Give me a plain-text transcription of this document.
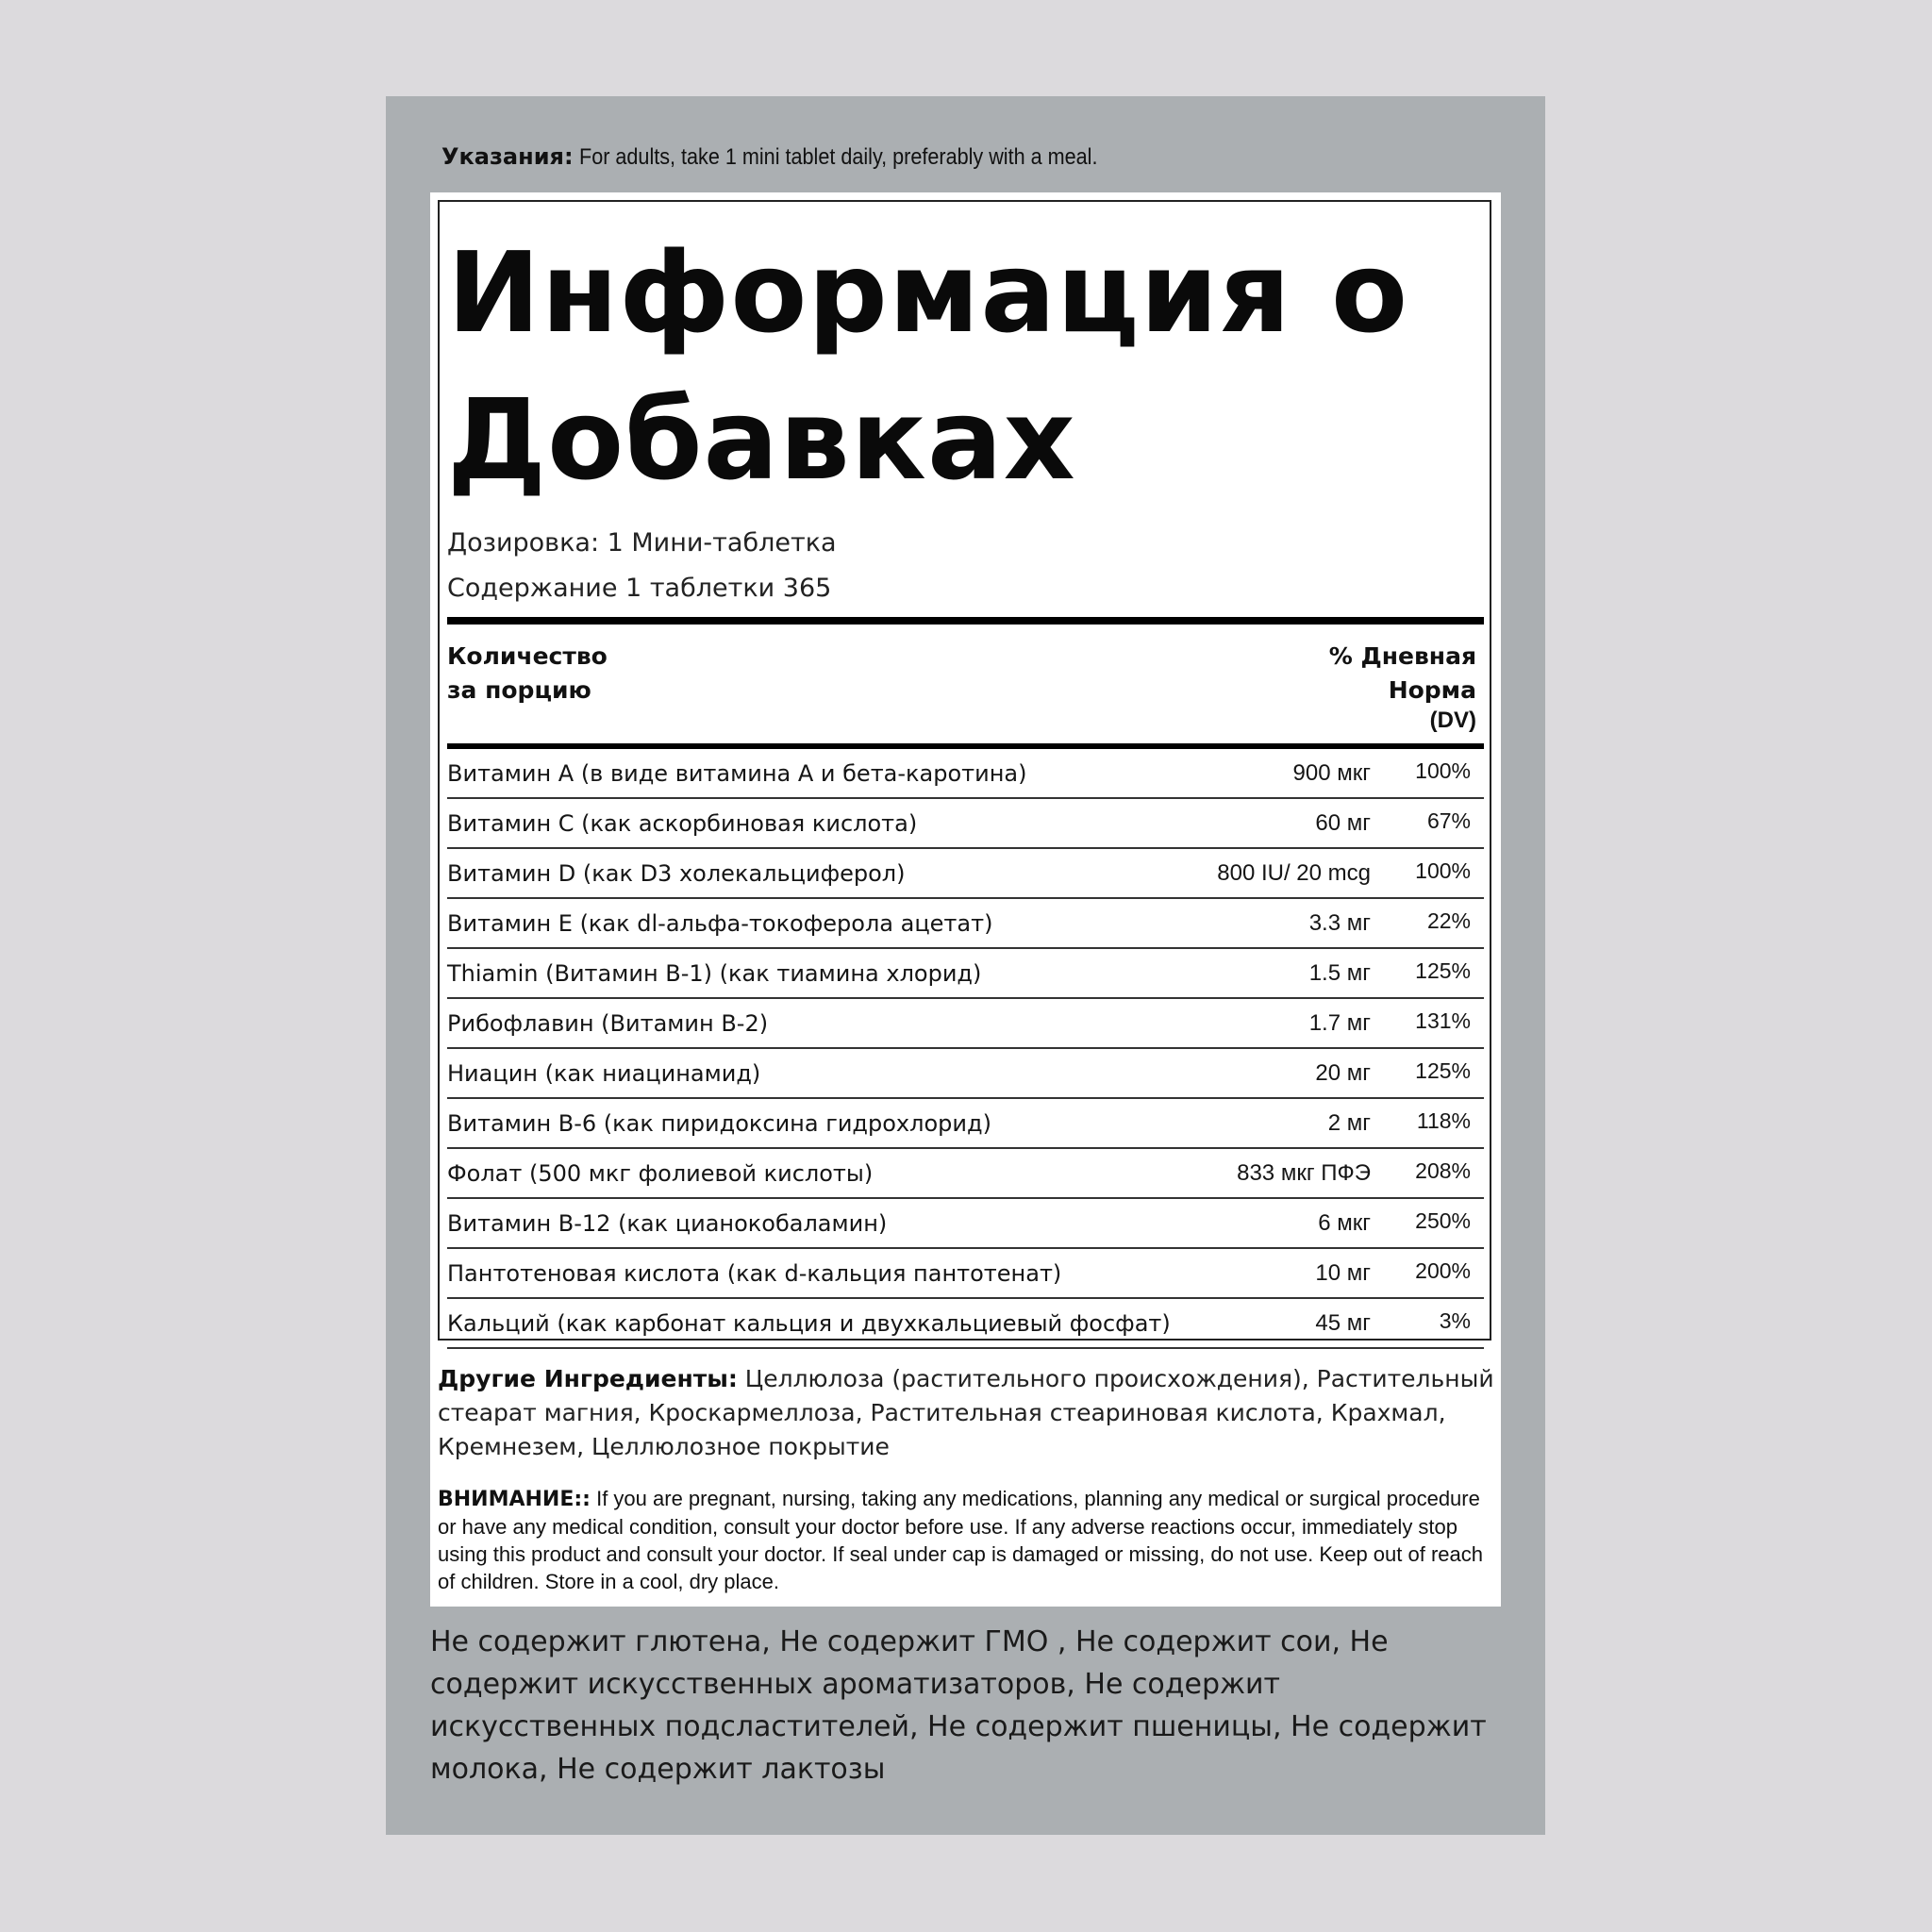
Указания: For adults, take 1 mini tablet daily, preferably with a meal.
Информация о Добавках
Дозировка: 1 Мини-таблетка
Содержание 1 таблетки 365
Количество
за порцию
% Дневная
Норма
(DV)
Витамин А (в виде витамина А и бета-каротина)	900 мкг 100%
Витамин С (как аскорбиновая кислота)	60 мг	67%
Витамин D (как D3 холекальциферол)	800 IU/ 20 mcg 100%
Витамин E (как dl-альфа-токоферола ацетат)	3.3 мг	22%
Thiamin (Витамин B-1) (как тиамина хлорид)	1.5 мг 125%
Рибофлавин (Витамин B-2)	1.7 мг 131%
Ниацин (как ниацинамид)	20 мг 125%
Витамин B-6 (как пиридоксина гидрохлорид)	2 мг 118%
Фолат (500 мкг фолиевой кислоты)	833 мкг ПФЭ 208%
Витамин B-12 (как цианокобаламин)	6 мкг 250%
Пантотеновая кислота (как d-кальция пантотенат)	10 мг 200%
Кальций (как карбонат кальция и двухкальциевый фосфат)	45 мг	3%
Другие Ингредиенты: Целлюлоза (растительного происхождения), Растительный стеарат магния, Кроскармеллоза, Растительная стеариновая кислота, Крахмал, Кремнезем, Целлюлозное покрытие
ВНИМАНИЕ:: If you are pregnant, nursing, taking any medications, planning any medical or surgical procedure or have any medical condition, consult your doctor before use. If any adverse reactions occur, immediately stop using this product and consult your doctor. If seal under cap is damaged or missing, do not use. Keep out of reach of children. Store in a cool, dry place.
Не содержит глютена, Не содержит ГМО , Не содержит сои, Не содержит искусственных ароматизаторов, Не содержит искусственных подсластителей, Не содержит пшеницы, Не содержит молока, Не содержит лактозы
